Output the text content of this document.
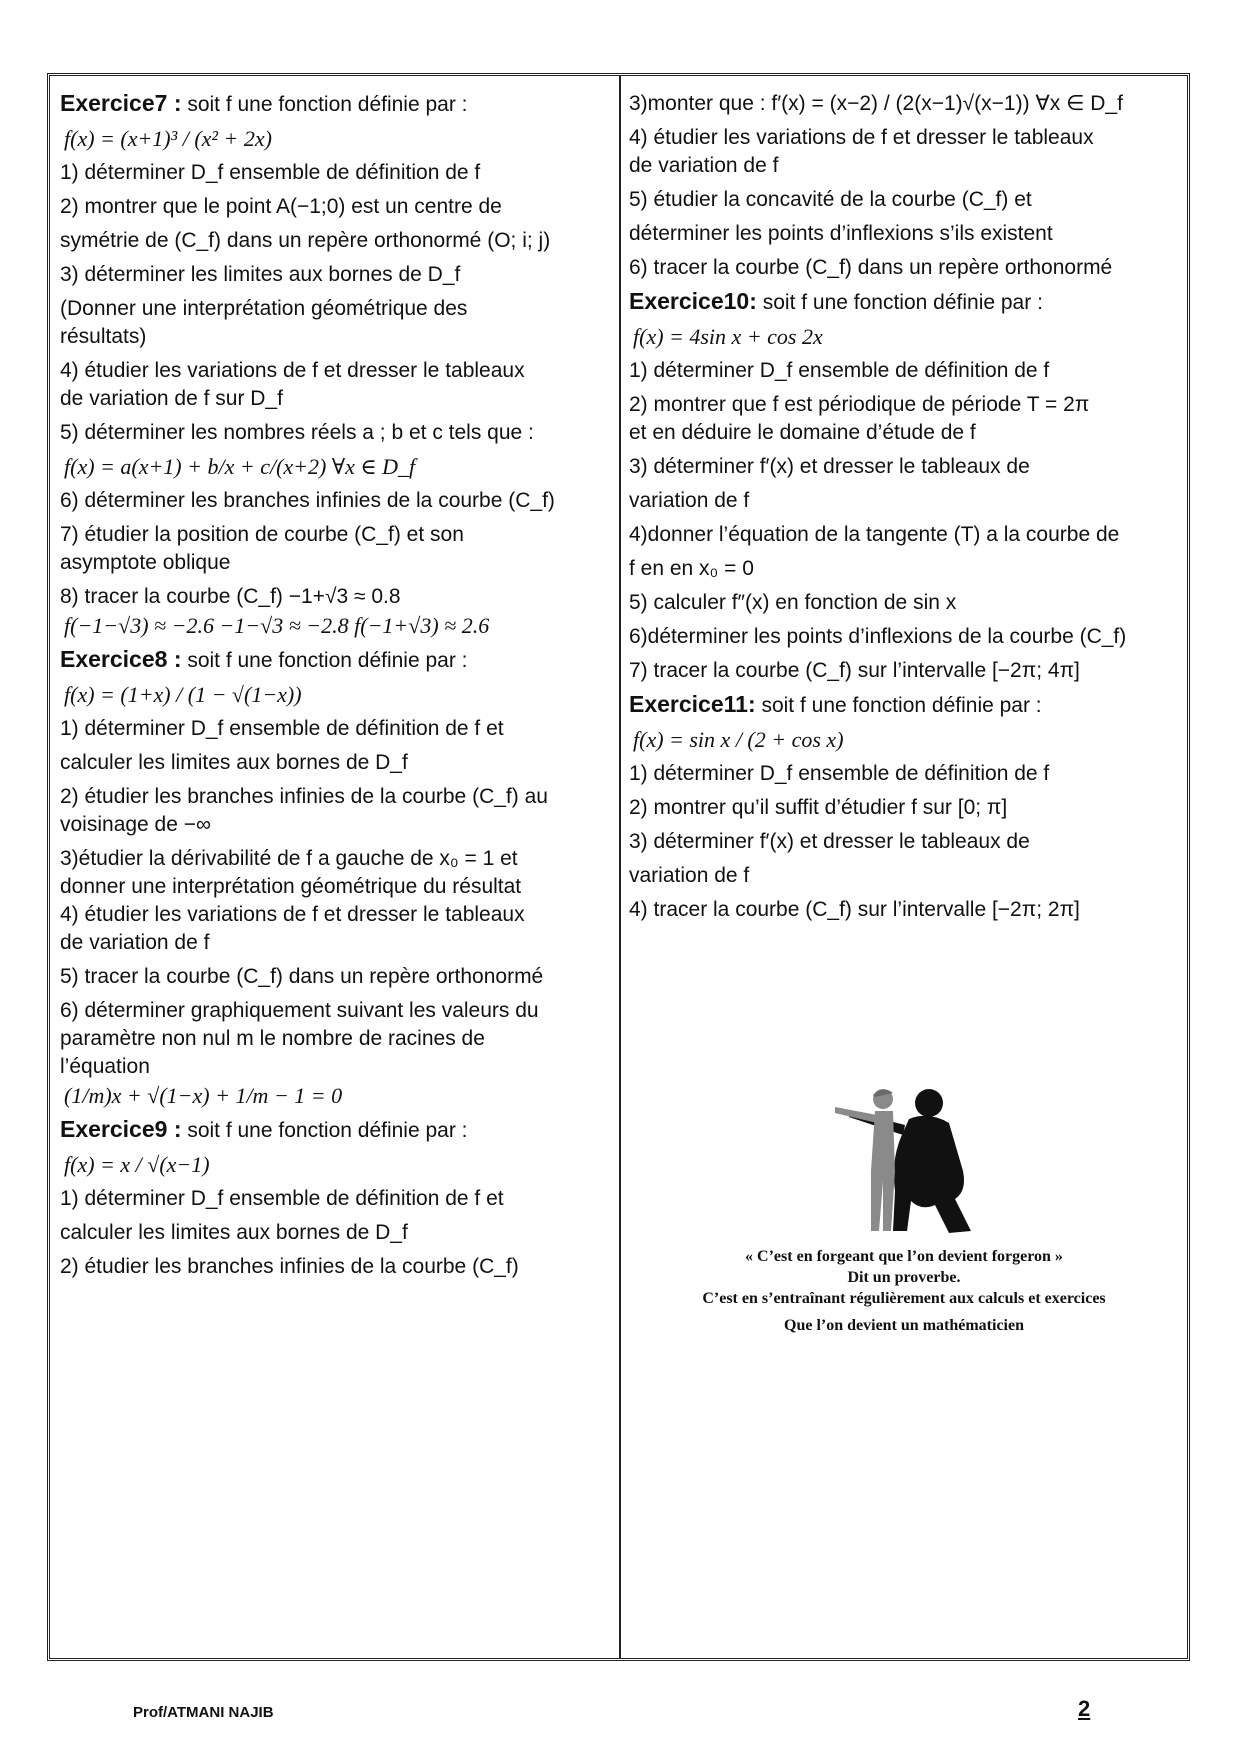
Exercice7 : soit f une fonction définie par :
f(x) = (x+1)³ / (x² + 2x)
1) déterminer D_f ensemble de définition de f
2) montrer que le point A(−1;0) est un centre de
symétrie de (C_f) dans un repère orthonormé (O; i; j)
3) déterminer les limites aux bornes de D_f
(Donner une interprétation géométrique des
résultats)
4) étudier les variations de f et dresser le tableaux
de variation de f sur D_f
5) déterminer les nombres réels a ; b et c tels que :
f(x) = a(x+1) + b/x + c/(x+2) ∀x ∈ D_f
6) déterminer les branches infinies de la courbe (C_f)
7) étudier la position de courbe (C_f) et son
asymptote oblique
8) tracer la courbe (C_f) −1+√3 ≈ 0.8
f(−1−√3) ≈ −2.6 −1−√3 ≈ −2.8 f(−1+√3) ≈ 2.6
Exercice8 : soit f une fonction définie par :
f(x) = (1+x) / (1 − √(1−x))
1) déterminer D_f ensemble de définition de f et
calculer les limites aux bornes de D_f
2) étudier les branches infinies de la courbe (C_f) au
voisinage de −∞
3)étudier la dérivabilité de f a gauche de x₀ = 1 et
donner une interprétation géométrique du résultat
4) étudier les variations de f et dresser le tableaux
de variation de f
5) tracer la courbe (C_f) dans un repère orthonormé
6) déterminer graphiquement suivant les valeurs du
paramètre non nul m le nombre de racines de
l’équation
(1/m)x + √(1−x) + 1/m − 1 = 0
Exercice9 : soit f une fonction définie par :
f(x) = x / √(x−1)
1) déterminer D_f ensemble de définition de f et
calculer les limites aux bornes de D_f
2) étudier les branches infinies de la courbe (C_f)
3)monter que : f′(x) = (x−2) / (2(x−1)√(x−1)) ∀x ∈ D_f
4) étudier les variations de f et dresser le tableaux
de variation de f
5) étudier la concavité de la courbe (C_f) et
déterminer les points d’inflexions s’ils existent
6) tracer la courbe (C_f) dans un repère orthonormé
Exercice10: soit f une fonction définie par :
f(x) = 4sin x + cos 2x
1) déterminer D_f ensemble de définition de f
2) montrer que f est périodique de période T = 2π
et en déduire le domaine d’étude de f
3) déterminer f′(x) et dresser le tableaux de
variation de f
4)donner l’équation de la tangente (T) a la courbe de
f en en x₀ = 0
5) calculer f″(x) en fonction de sin x
6)déterminer les points d’inflexions de la courbe (C_f)
7) tracer la courbe (C_f) sur l’intervalle [−2π; 4π]
Exercice11: soit f une fonction définie par :
f(x) = sin x / (2 + cos x)
1) déterminer D_f ensemble de définition de f
2) montrer qu’il suffit d’étudier f sur [0; π]
3) déterminer f′(x) et dresser le tableaux de
variation de f
4) tracer la courbe (C_f) sur l’intervalle [−2π; 2π]

« C’est en forgeant que l’on devient forgeron »

Dit un proverbe.

C’est en s’entraînant régulièrement aux calculs et exercices

Que l’on devient un mathématicien

Prof/ATMANI NAJIB	2
